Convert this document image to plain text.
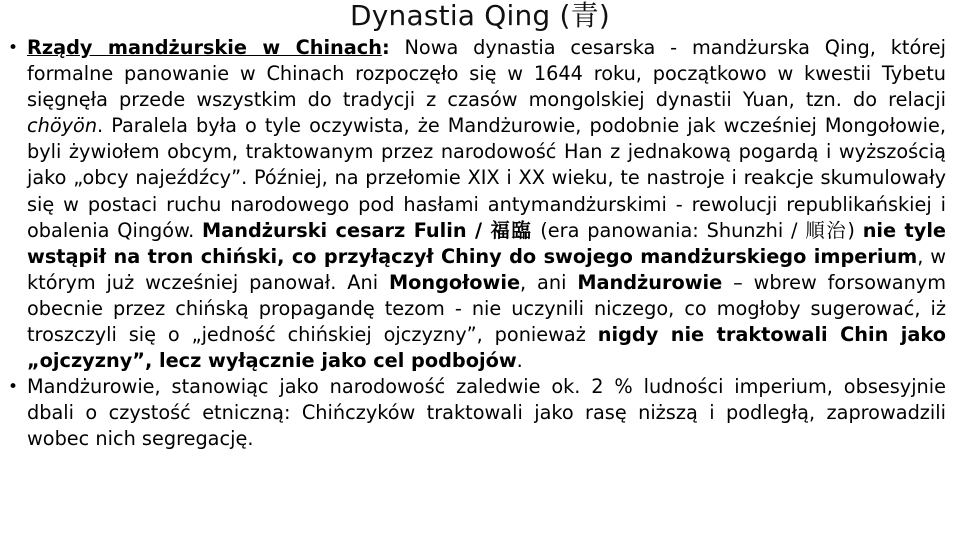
Dynastia Qing (青)
• Rządy mandżurskie w Chinach: Nowa dynastia cesarska - mandżurska Qing, której formalne panowanie w Chinach rozpoczęło się w 1644 roku, początkowo w kwestii Tybetu sięgnęła przede wszystkim do tradycji z czasów mongolskiej dynastii Yuan, tzn. do relacji chöyön. Paralela była o tyle oczywista, że Mandżurowie, podobnie jak wcześniej Mongołowie, byli żywiołem obcym, traktowanym przez narodowość Han z jednakową pogardą i wyższością jako „obcy najeźdźcy”. Później, na przełomie XIX i XX wieku, te nastroje i reakcje skumulowały się w postaci ruchu narodowego pod hasłami antymandżurskimi - rewolucji republikańskiej i obalenia Qingów. Mandżurski cesarz Fulin / 福臨 (era panowania: Shunzhi / 順治) nie tyle wstąpił na tron chiński, co przyłączył Chiny do swojego mandżurskiego imperium, w którym już wcześniej panował. Ani Mongołowie, ani Mandżurowie – wbrew forsowanym obecnie przez chińską propagandę tezom - nie uczynili niczego, co mogłoby sugerować, iż troszczyli się o „jedność chińskiej ojczyzny”, ponieważ nigdy nie traktowali Chin jako „ojczyzny”, lecz wyłącznie jako cel podbojów.
• Mandżurowie, stanowiąc jako narodowość zaledwie ok. 2 % ludności imperium, obsesyjnie dbali o czystość etniczną: Chińczyków traktowali jako rasę niższą i podległą, zaprowadzili wobec nich segregację.
